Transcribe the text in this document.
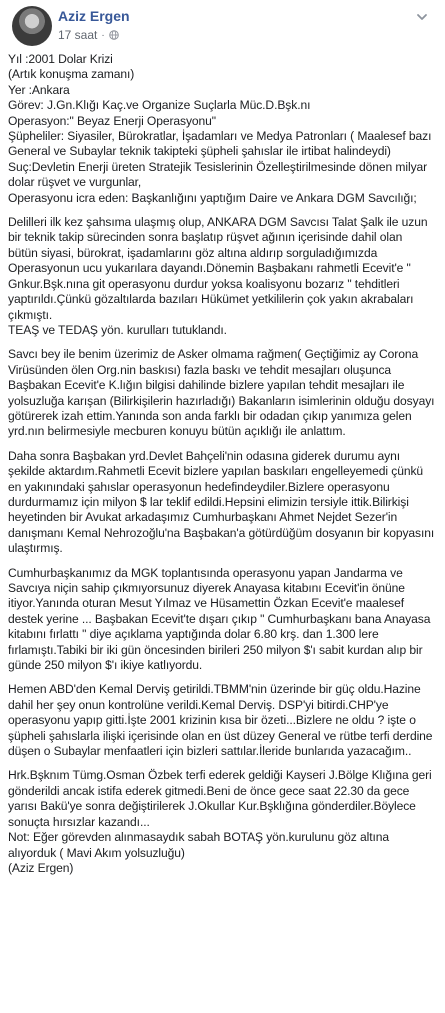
Aziz Ergen
17 saat ·

Yıl :2001 Dolar Krizi
(Artık konuşma zamanı)
Yer :Ankara
Görev: J.Gn.Klığı Kaç.ve Organize Suçlarla Müc.D.Bşk.nı
Operasyon:" Beyaz Enerji Operasyonu"
Şüpheliler: Siyasiler, Bürokratlar, İşadamları ve Medya Patronları ( Maalesef bazı General ve Subaylar teknik takipteki şüpheli şahıslar ile irtibat halindeydi)
Suç:Devletin Enerji üreten Stratejik Tesislerinin Özelleştirilmesinde dönen milyar dolar rüşvet ve vurgunlar,
Operasyonu icra eden: Başkanlığını yaptığım Daire ve Ankara DGM Savcılığı;

Delilleri ilk kez şahsıma ulaşmış olup, ANKARA DGM Savcısı Talat Şalk ile uzun bir teknik takip sürecinden sonra başlatıp rüşvet ağının içerisinde dahil olan bütün siyasi, bürokrat, işadamlarını göz altına aldırıp sorguladığımızda Operasyonun ucu yukarılara dayandı.Dönemin Başbakanı rahmetli Ecevit'e " Gnkur.Bşk.nına git operasyonu durdur yoksa koalisyonu bozarız " tehditleri yaptırıldı.Çünkü gözaltılarda bazıları Hükümet yetkililerin çok yakın akrabaları çıkmıştı.
TEAŞ ve TEDAŞ yön. kurulları tutuklandı.

Savcı bey ile benim üzerimiz de Asker olmama rağmen( Geçtiğimiz ay Corona Virüsünden ölen Org.nin baskısı) fazla baskı ve tehdit mesajları oluşunca Başbakan Ecevit'e K.lığın bilgisi dahilinde bizlere yapılan tehdit mesajları ile yolsuzluğa karışan (Bilirkişilerin hazırladığı) Bakanların isimlerinin olduğu dosyayı götürerek izah ettim.Yanında son anda farklı bir odadan çıkıp yanımıza gelen yrd.nın belirmesiyle mecburen konuyu bütün açıklığı ile anlattım.

Daha sonra Başbakan yrd.Devlet Bahçeli'nin odasına giderek durumu aynı şekilde aktardım.Rahmetli Ecevit bizlere yapılan baskıları engelleyemedi çünkü en yakınındaki şahıslar operasyonun hedefindeydiler.Bizlere operasyonu durdurmamız için milyon $ lar teklif edildi.Hepsini elimizin tersiyle ittik.Bilirkişi heyetinden bir Avukat arkadaşımız Cumhurbaşkanı Ahmet Nejdet Sezer'in danışmanı Kemal Nehrozoğlu'na Başbakan'a götürdüğüm dosyanın bir kopyasını ulaştırmış.

Cumhurbaşkanımız da MGK toplantısında operasyonu yapan Jandarma ve Savcıya niçin sahip çıkmıyorsunuz diyerek Anayasa kitabını Ecevit'in önüne itiyor.Yanında oturan Mesut Yılmaz ve Hüsamettin Özkan Ecevit'e maalesef destek yerine ... Başbakan Ecevit'te dışarı çıkıp " Cumhurbaşkanı bana Anayasa kitabını fırlattı " diye açıklama yaptığında dolar 6.80 krş. dan 1.300 lere fırlamıştı.Tabiki bir iki gün öncesinden birileri 250 milyon $'ı sabit kurdan alıp bir günde 250 milyon $'ı ikiye katlıyordu.

Hemen ABD'den Kemal Derviş getirildi.TBMM'nin üzerinde bir güç oldu.Hazine dahil her şey onun kontrolüne verildi.Kemal Derviş. DSP'yi bitirdi.CHP'ye operasyonu yapıp gitti.İşte 2001 krizinin kısa bir özeti...Bizlere ne oldu ? işte o şüpheli şahıslarla ilişki içerisinde olan en üst düzey General ve rütbe terfi derdine düşen o Subaylar menfaatleri için bizleri sattılar.İleride bunlarıda yazacağım..

Hrk.Bşknım Tümg.Osman Özbek terfi ederek geldiği Kayseri J.Bölge Klığına geri gönderildi ancak istifa ederek gitmedi.Beni de önce gece saat 22.30 da gece yarısı Bakü'ye sonra değiştirilerek J.Okullar Kur.Bşklığına gönderdiler.Böylece sonuçta hırsızlar kazandı...
Not: Eğer görevden alınmasaydık sabah BOTAŞ yön.kurulunu göz altına alıyorduk ( Mavi Akım yolsuzluğu)
(Aziz Ergen)
